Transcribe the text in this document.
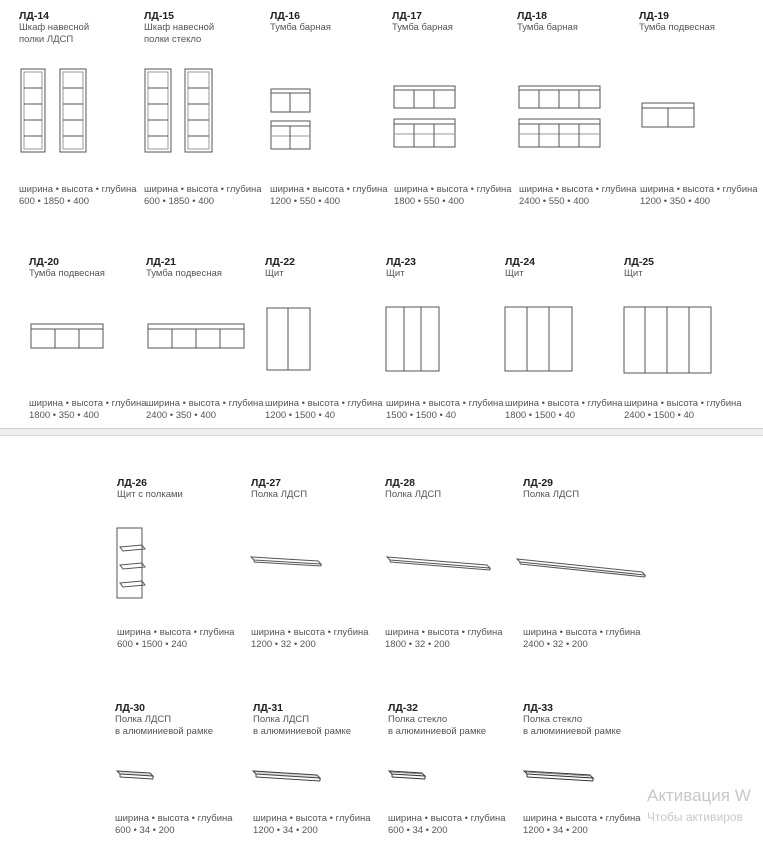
ЛД-14
Шкаф навесной
полки ЛДСП
ширина • высота • глубина
600 • 1850 • 400
ЛД-15
Шкаф навесной
полки стекло
ширина • высота • глубина
600 • 1850 • 400
ЛД-16
Тумба барная
ширина • высота • глубина
1200 • 550 • 400
ЛД-17
Тумба барная
ширина • высота • глубина
1800 • 550 • 400
ЛД-18
Тумба барная
ширина • высота • глубина
2400 • 550 • 400
ЛД-19
Тумба подвесная
ширина • высота • глубина
1200 • 350 • 400
ЛД-20
Тумба подвесная
ширина • высота • глубина
1800 • 350 • 400
ЛД-21
Тумба подвесная
ширина • высота • глубина
2400 • 350 • 400
ЛД-22
Щит
ширина • высота • глубина
1200 • 1500 • 40
ЛД-23
Щит
ширина • высота • глубина
1500 • 1500 • 40
ЛД-24
Щит
ширина • высота • глубина
1800 • 1500 • 40
ЛД-25
Щит
ширина • высота • глубина
2400 • 1500 • 40
ЛД-26
Щит с полками
ширина • высота • глубина
600 • 1500 • 240
ЛД-27
Полка ЛДСП
ширина • высота • глубина
1200 • 32 • 200
ЛД-28
Полка ЛДСП
ширина • высота • глубина
1800 • 32 • 200
ЛД-29
Полка ЛДСП
ширина • высота • глубина
2400 • 32 • 200
ЛД-30
Полка ЛДСП
в алюминиевой рамке
ширина • высота • глубина
600 • 34 • 200
ЛД-31
Полка ЛДСП
в алюминиевой рамке
ширина • высота • глубина
1200 • 34 • 200
ЛД-32
Полка стекло
в алюминиевой рамке
ширина • высота • глубина
600 • 34 • 200
ЛД-33
Полка стекло
в алюминиевой рамке
ширина • высота • глубина
1200 • 34 • 200
Активация W
Чтобы активиров
